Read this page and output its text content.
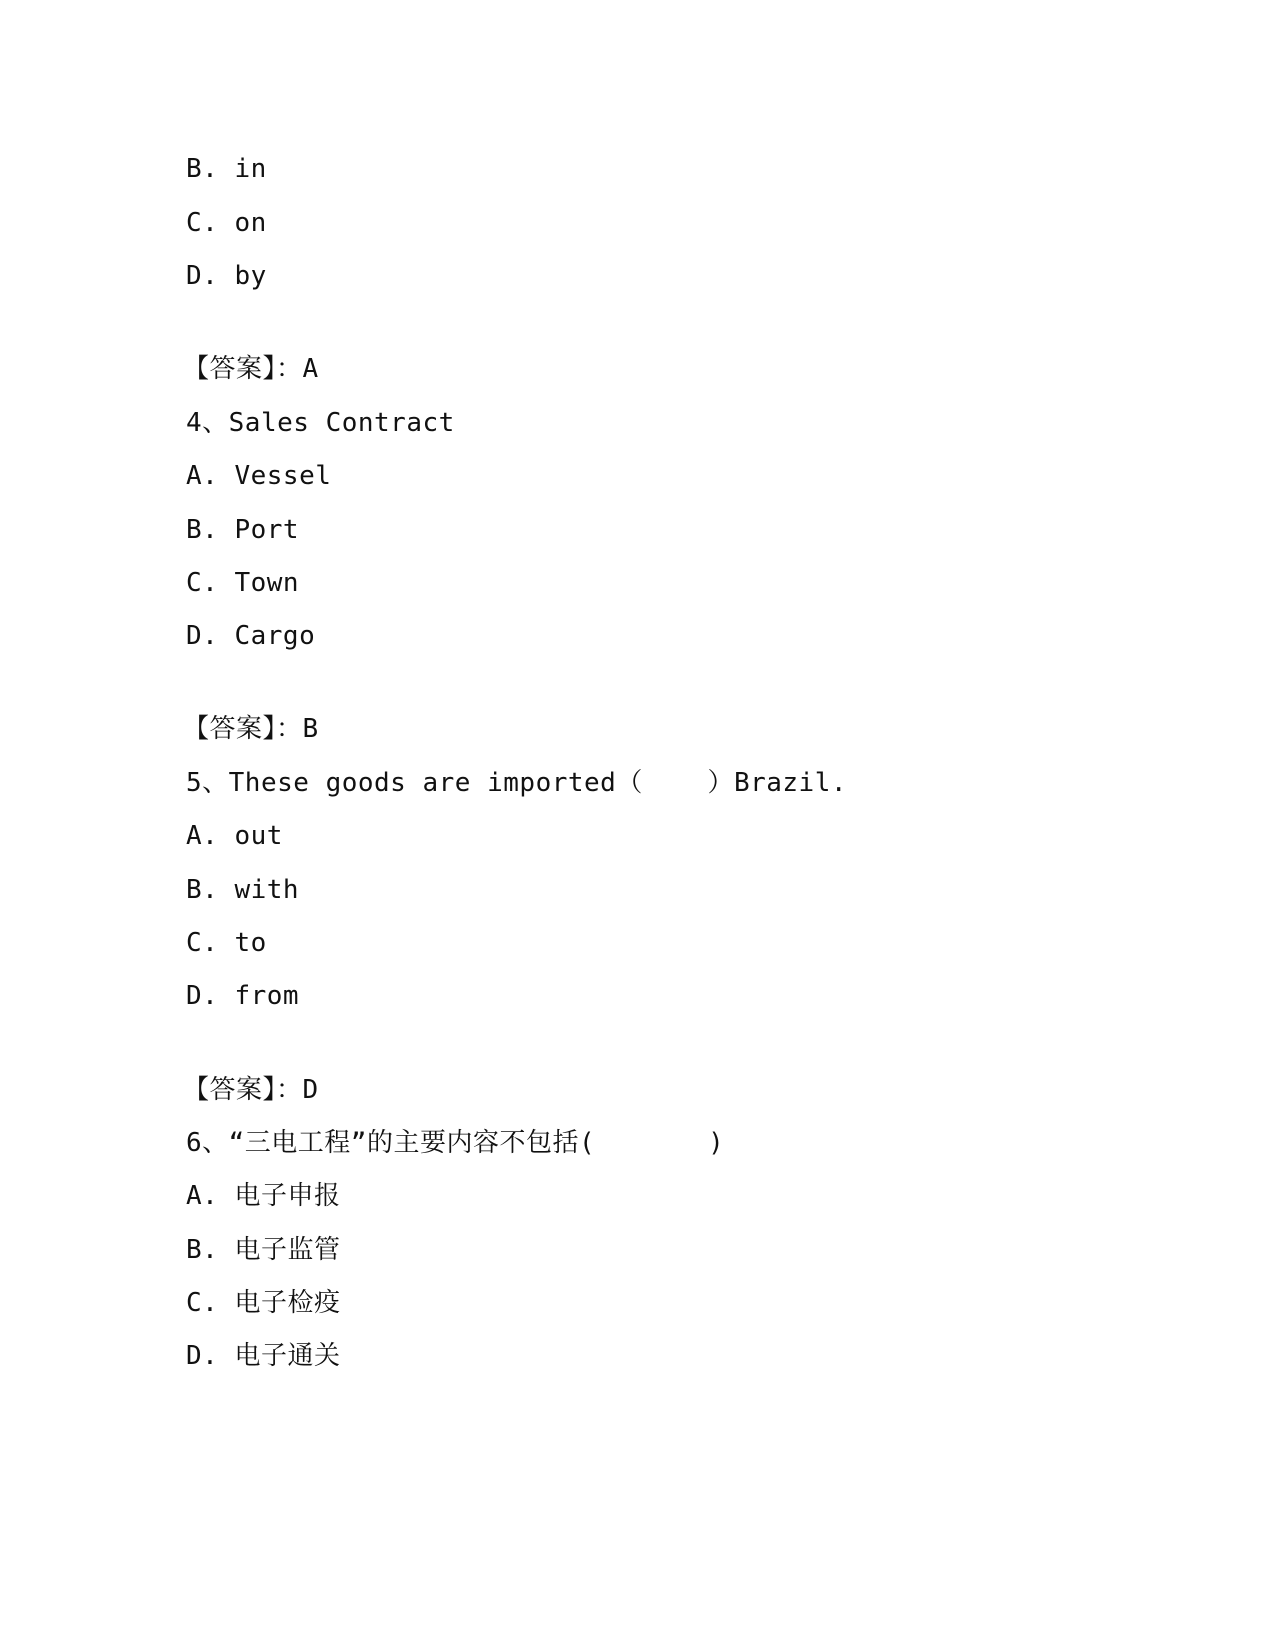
B. in
C. on
D. by
【答案】：A
4、Sales Contract
A. Vessel
B. Port
C. Town
D. Cargo
【答案】：B
5、These goods are imported（    ）Brazil.
A. out
B. with
C. to
D. from
【答案】：D
6、“三电工程”的主要内容不包括(       )
A. 电子申报
B. 电子监管
C. 电子检疫
D. 电子通关
